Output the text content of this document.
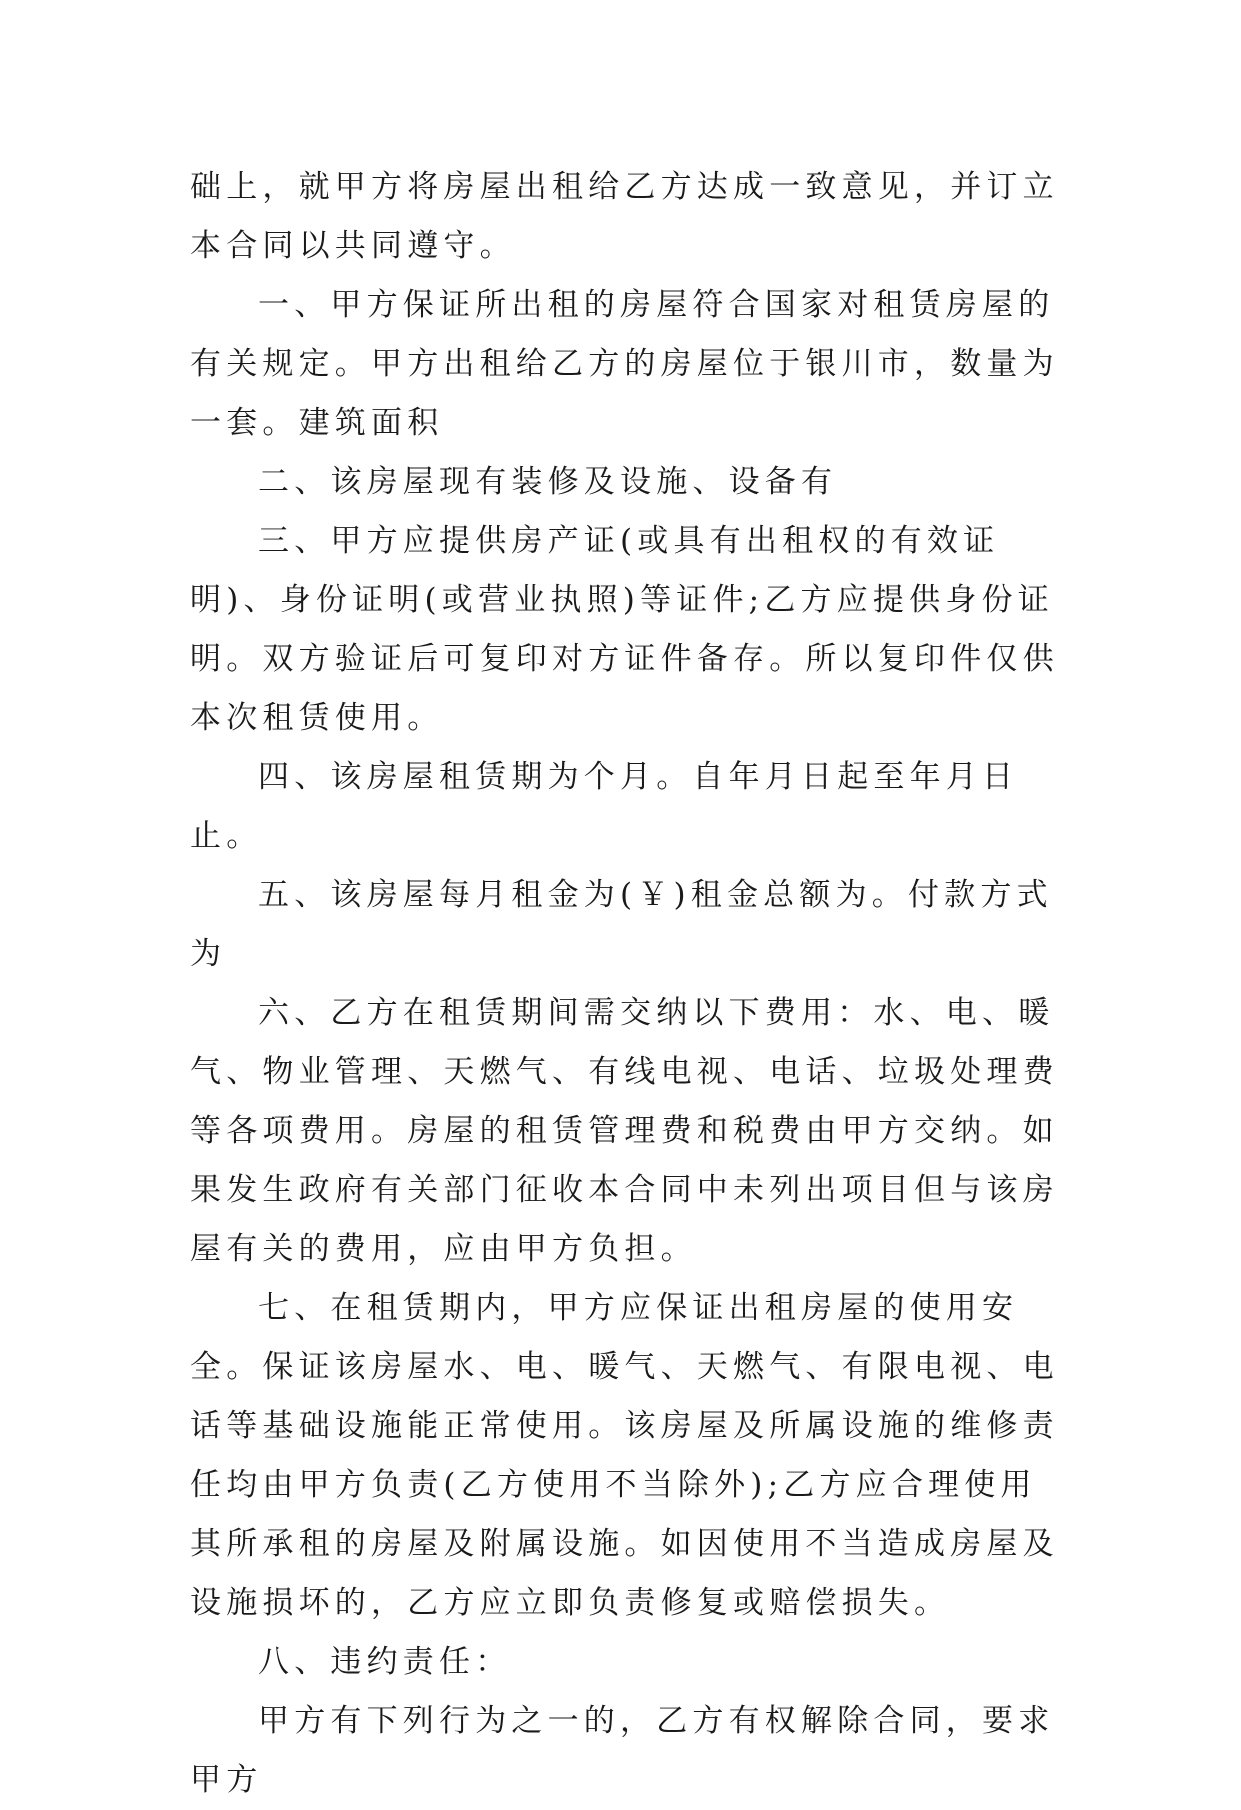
础上，就甲方将房屋出租给乙方达成一致意见，并订立本合同以共同遵守。

一、甲方保证所出租的房屋符合国家对租赁房屋的有关规定。甲方出租给乙方的房屋位于银川市，数量为一套。建筑面积

二、该房屋现有装修及设施、设备有

三、甲方应提供房产证(或具有出租权的有效证明)、身份证明(或营业执照)等证件;乙方应提供身份证明。双方验证后可复印对方证件备存。所以复印件仅供本次租赁使用。

四、该房屋租赁期为个月。自年月日起至年月日止。

五、该房屋每月租金为(￥)租金总额为。付款方式为

六、乙方在租赁期间需交纳以下费用：水、电、暖气、物业管理、天燃气、有线电视、电话、垃圾处理费等各项费用。房屋的租赁管理费和税费由甲方交纳。如果发生政府有关部门征收本合同中未列出项目但与该房屋有关的费用，应由甲方负担。

七、在租赁期内，甲方应保证出租房屋的使用安全。保证该房屋水、电、暖气、天燃气、有限电视、电话等基础设施能正常使用。该房屋及所属设施的维修责任均由甲方负责(乙方使用不当除外);乙方应合理使用其所承租的房屋及附属设施。如因使用不当造成房屋及设施损坏的，乙方应立即负责修复或赔偿损失。

八、违约责任：

甲方有下列行为之一的，乙方有权解除合同，要求甲方
